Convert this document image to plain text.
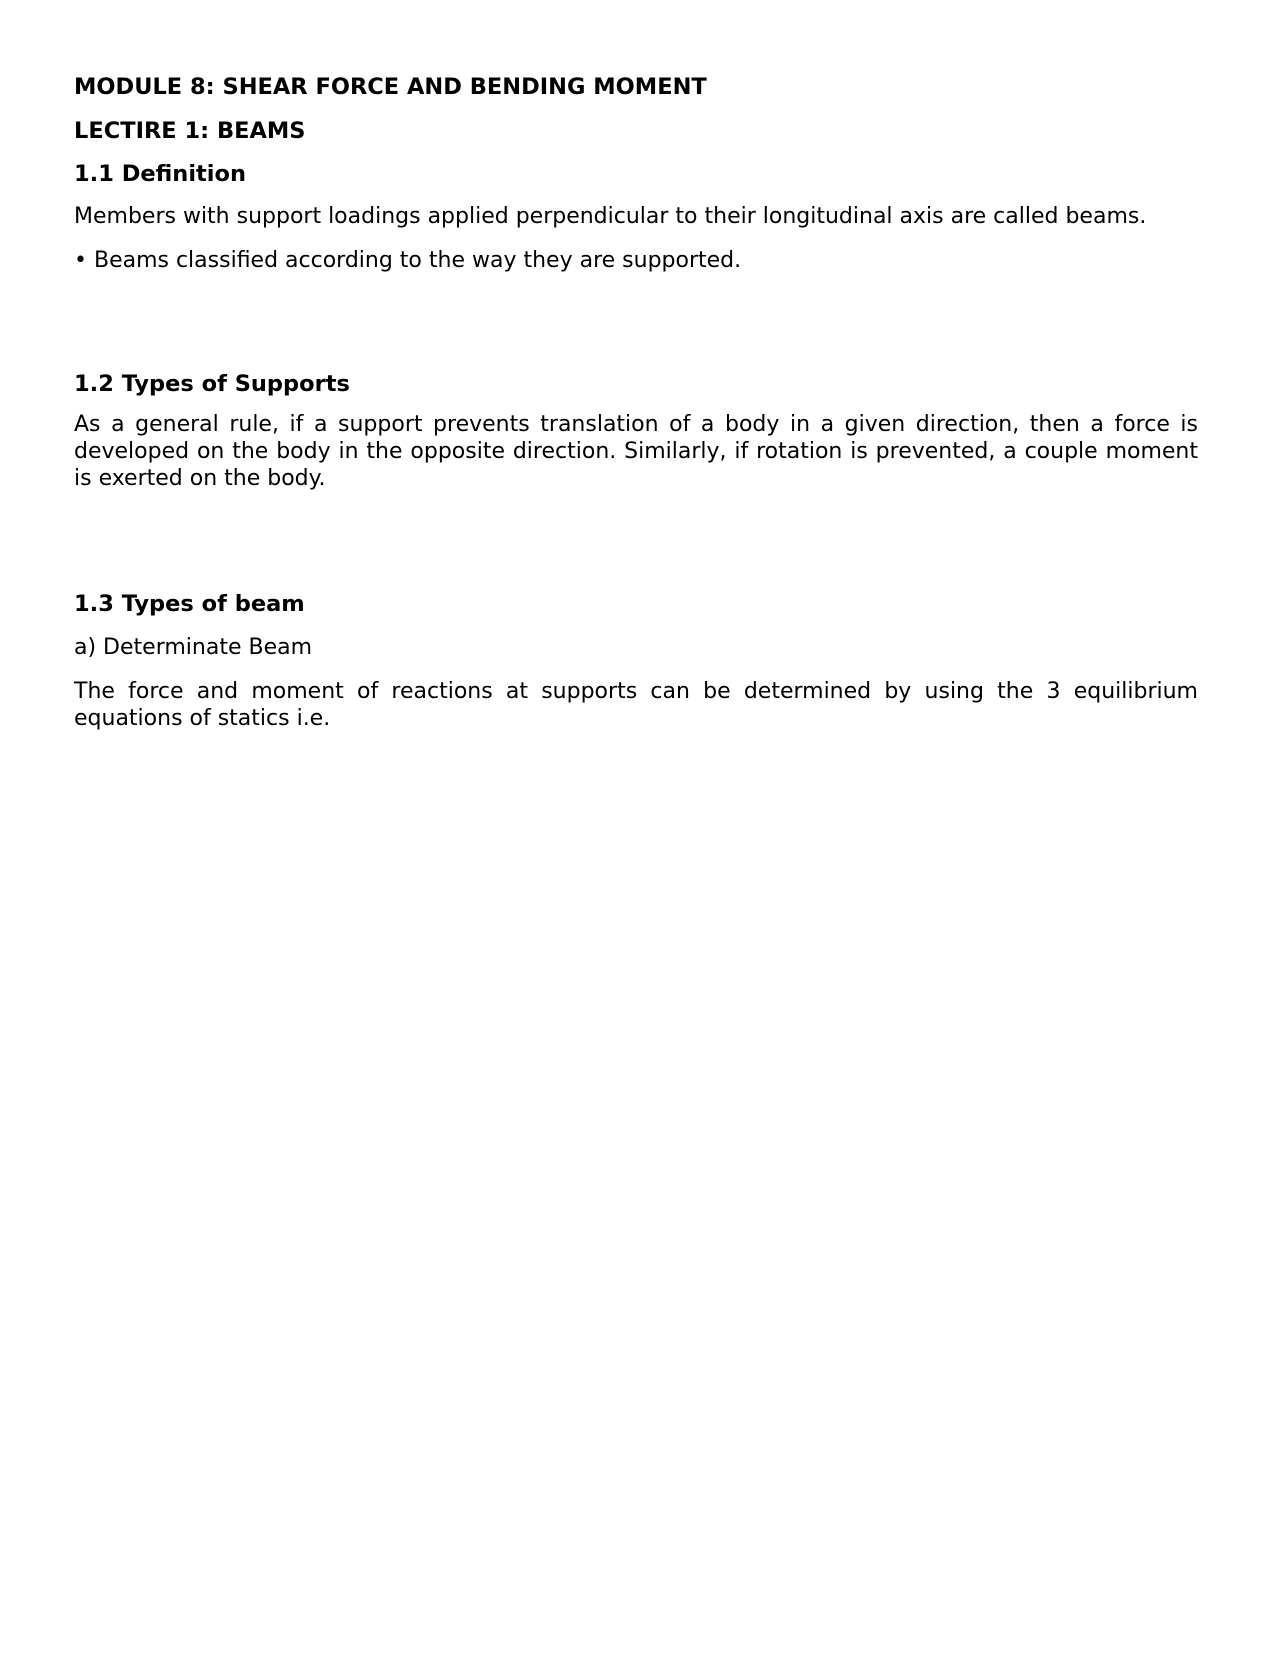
MODULE 8: SHEAR FORCE AND BENDING MOMENT
LECTIRE 1: BEAMS
1.1 Definition

Members with support loadings applied perpendicular to their longitudinal axis are called beams.

• Beams classified according to the way they are supported.

1.2 Types of Supports

As a general rule, if a support prevents translation of a body in a given direction, then a force is developed on the body in the opposite direction. Similarly, if rotation is prevented, a couple moment is exerted on the body.

1.3 Types of beam

a) Determinate Beam

The force and moment of reactions at supports can be determined by using the 3 equilibrium equations of statics i.e.
